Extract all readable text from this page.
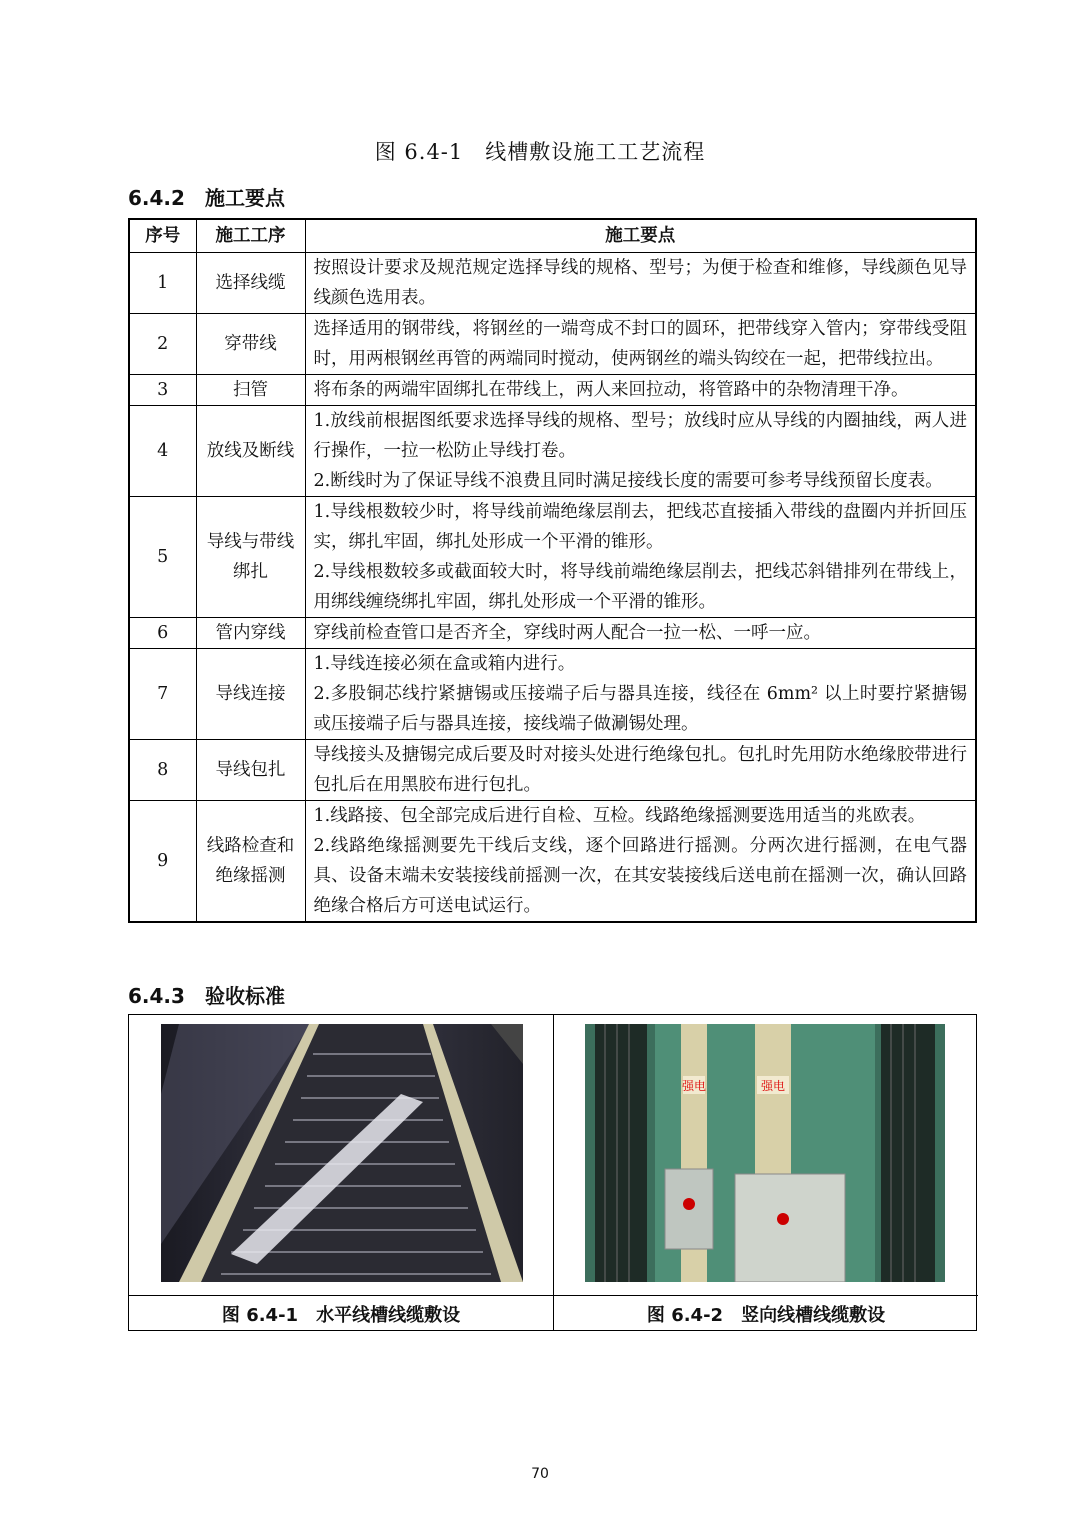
图 6.4-1　线槽敷设施工工艺流程
6.4.2　施工要点
序号	施工工序	施工要点
1	选择线缆	按照设计要求及规范规定选择导线的规格、型号；为便于检查和维修，导线颜色见导线颜色选用表。

2	穿带线	选择适用的钢带线，将钢丝的一端弯成不封口的圆环，把带线穿入管内；穿带线受阻时，用两根钢丝再管的两端同时搅动，使两钢丝的端头钩绞在一起，把带线拉出。

3	扫管	将布条的两端牢固绑扎在带线上，两人来回拉动，将管路中的杂物清理干净。

4	放线及断线	1.放线前根据图纸要求选择导线的规格、型号；放线时应从导线的内圈抽线，两人进行操作，一拉一松防止导线打卷。
2.断线时为了保证导线不浪费且同时满足接线长度的需要可参考导线预留长度表。

5	导线与带线绑扎	1.导线根数较少时，将导线前端绝缘层削去，把线芯直接插入带线的盘圈内并折回压实，绑扎牢固，绑扎处形成一个平滑的锥形。
2.导线根数较多或截面较大时，将导线前端绝缘层削去，把线芯斜错排列在带线上，用绑线缠绕绑扎牢固，绑扎处形成一个平滑的锥形。

6	管内穿线	穿线前检查管口是否齐全，穿线时两人配合一拉一松、一呼一应。

7	导线连接	1.导线连接必须在盒或箱内进行。
2.多股铜芯线拧紧搪锡或压接端子后与器具连接，线径在 6mm² 以上时要拧紧搪锡或压接端子后与器具连接，接线端子做涮锡处理。

8	导线包扎	导线接头及搪锡完成后要及时对接头处进行绝缘包扎。包扎时先用防水绝缘胶带进行包扎后在用黑胶布进行包扎。

9	线路检查和绝缘摇测	1.线路接、包全部完成后进行自检、互检。线路绝缘摇测要选用适当的兆欧表。
2.线路绝缘摇测要先干线后支线，逐个回路进行摇测。分两次进行摇测，在电气器具、设备末端未安装接线前摇测一次，在其安装接线后送电前在摇测一次，确认回路绝缘合格后方可送电试运行。
6.4.3　验收标准
强电	强电
图 6.4-1　水平线槽线缆敷设	图 6.4-2　竖向线槽线缆敷设
70
